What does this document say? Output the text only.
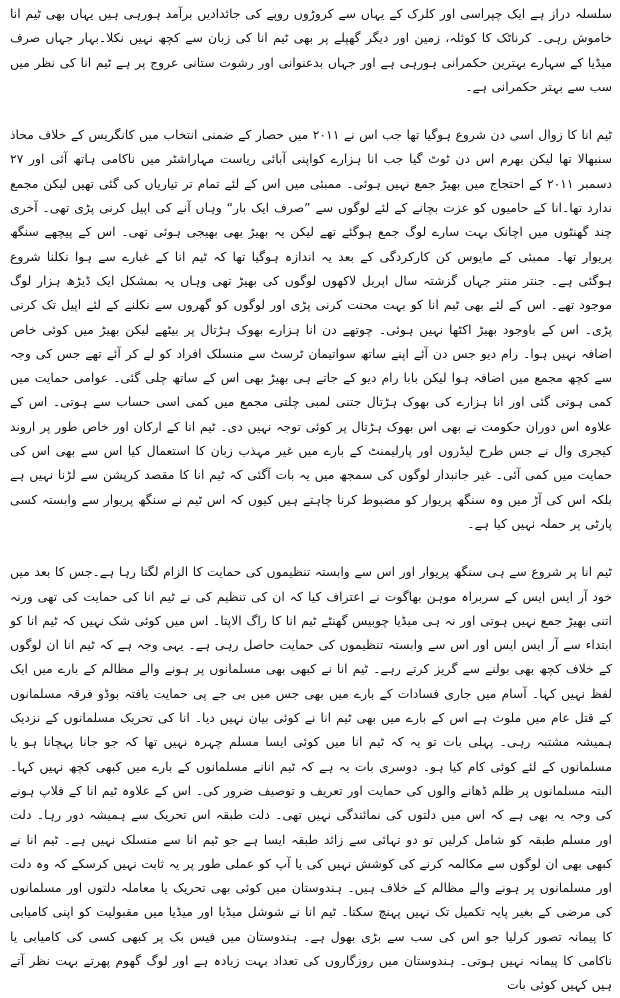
سلسلہ دراز ہے ایک چپراسی اور کلرک کے یہاں سے کروڑوں روپے کی جائدادیں برآمد ہورہی ہیں یہاں بھی ٹیم انا خاموش رہی۔ کرناٹک کا کوئلہ، زمین اور دیگر گھپلے پر بھی ٹیم انا کی زبان سے کچھ نہیں نکلا۔بہار جہاں صرف میڈیا کے سہارے بہترین حکمرانی ہورہی ہے اور جہاں بدعنوانی اور رشوت ستانی عروج پر ہے ٹیم انا کی نظر میں سب سے بہتر حکمرانی ہے۔

ٹیم انا کا زوال اسی دن شروع ہوگیا تھا جب اس نے ۲۰۱۱ میں حصار کے ضمنی انتخاب میں کانگریس کے خلاف محاذ سنبھالا تھا لیکن بھرم اس دن ٹوٹ گیا جب انا ہزارے کواپنی آبائی ریاست مہاراشٹر میں ناکامی ہاتھ آئی اور ۲۷ دسمبر ۲۰۱۱ کے احتجاج میں بھیڑ جمع نہیں ہوئی۔ ممبئی میں اس کے لئے تمام تر تیاریاں کی گئی تھیں لیکن مجمع ندارد تھا۔انا کے حامیوں کو عزت بچانے کے لئے لوگوں سے ”صرف ایک بار“ وہاں آنے کی اپیل کرنی پڑی تھی۔ آخری چند گھنٹوں میں اچانک بہت سارے لوگ جمع ہوگئے تھے لیکن یہ بھیڑ بھی بھیجی ہوئی تھی۔ اس کے پیچھے سنگھ پریوار تھا۔ ممبئی کے مایوس کن کارکردگی کے بعد یہ اندازہ ہوگیا تھا کہ ٹیم انا کے غبارے سے ہوا نکلنا شروع ہوگئی ہے۔ جنتر منتر جہاں گزشتہ سال اپریل لاکھوں لوگوں کی بھیڑ تھی وہاں یہ بمشکل ایک ڈیڑھ ہزار لوگ موجود تھے۔ اس کے لئے بھی ٹیم انا کو بہت محنت کرنی پڑی اور لوگوں کو گھروں سے نکلنے کے لئے اپیل تک کرنی پڑی۔ اس کے باوجود بھیڑ اکٹھا نہیں ہوئی۔ چوتھے دن انا ہزارے بھوک ہڑتال پر بیٹھے لیکن بھیڑ میں کوئی خاص اضافہ نہیں ہوا۔ رام دیو جس دن آئے اپنے ساتھ سواتیمان ٹرسٹ سے منسلک افراد کو لے کر آئے تھے جس کی وجہ سے کچھ مجمع میں اضافہ ہوا لیکن بابا رام دیو کے جاتے ہی بھیڑ بھی اس کے ساتھ چلی گئی۔ عوامی حمایت میں کمی ہوتی گئی اور انا ہزارے کی بھوک ہڑتال جتنی لمبی چلتی مجمع میں کمی اسی حساب سے ہوتی۔ اس کے علاوہ اس دوران حکومت نے بھی اس بھوک ہڑتال پر کوئی توجہ نہیں دی۔ ٹیم انا کے ارکان اور خاص طور پر اروند کیجری وال نے جس طرح لیڈروں اور پارلیمنٹ کے بارے میں غیر مہذب زبان کا استعمال کیا اس سے بھی اس کی حمایت میں کمی آئی۔ غیر جانبدار لوگوں کی سمجھ میں یہ بات آگئی کہ ٹیم انا کا مقصد کرپشن سے لڑنا نہیں ہے بلکہ اس کی آڑ میں وہ سنگھ پریوار کو مضبوط کرنا چاہتے ہیں کیوں کہ اس ٹیم نے سنگھ پریوار سے وابستہ کسی پارٹی پر حملہ نہیں کیا ہے۔

ٹیم انا پر شروع سے ہی سنگھ پریوار اور اس سے وابستہ تنظیموں کی حمایت کا الزام لگتا رہا ہے۔جس کا بعد میں خود آر ایس ایس کے سربراہ موہن بھاگوت نے اعتراف کیا کہ ان کی تنظیم کی نے ٹیم انا کی حمایت کی تھی ورنہ اتنی بھیڑ جمع نہیں ہوتی اور نہ ہی میڈیا چوبیس گھنٹے ٹیم انا کا راگ الاپتا۔ اس میں کوئی شک نہیں کہ ٹیم انا کو ابتداء سے آر ایس ایس اور اس سے وابستہ تنظیموں کی حمایت حاصل رہی ہے۔ یہی وجہ ہے کہ ٹیم انا ان لوگوں کے خلاف کچھ بھی بولنے سے گریز کرتے رہے۔ ٹیم انا نے کبھی بھی مسلمانوں پر ہونے والے مظالم کے بارے میں ایک لفظ نہیں کہا۔ آسام میں جاری فسادات کے بارے میں بھی جس میں بی جے پی حمایت یافتہ بوڈو فرقہ مسلمانوں کے قتل عام میں ملوث ہے اس کے بارے میں بھی ٹیم انا نے کوئی بیان نہیں دیا۔ انا کی تحریک مسلمانوں کے نزدیک ہمیشہ مشتبہ رہی۔ پہلی بات تو یہ کہ ٹیم انا میں کوئی ایسا مسلم چہرہ نہیں تھا کہ جو جانا پہچانا ہو یا مسلمانوں کے لئے کوئی کام کیا ہو۔ دوسری بات یہ ہے کہ ٹیم انانے مسلمانوں کے بارے میں کبھی کچھ نہیں کہا۔ البتہ مسلمانوں پر ظلم ڈھانے والوں کی حمایت اور تعریف و توصیف ضرور کی۔ اس کے علاوہ ٹیم انا کے فلاپ ہونے کی وجہ یہ بھی ہے کہ اس میں دلتوں کی نمائندگی نہیں تھی۔ دلت طبقہ اس تحریک سے ہمیشہ دور رہا۔ دلت اور مسلم طبقہ کو شامل کرلیں تو دو تہائی سے زائد طبقہ ایسا ہے جو ٹیم انا سے منسلک نہیں ہے۔ ٹیم انا نے کبھی بھی ان لوگوں سے مکالمہ کرنے کی کوشش نہیں کی یا آپ کو عملی طور پر یہ ثابت نہیں کرسکے کہ وہ دلت اور مسلمانوں پر ہونے والے مظالم کے خلاف ہیں۔ ہندوستان میں کوئی بھی تحریک یا معاملہ دلتوں اور مسلمانوں کی مرضی کے بغیر پایہ تکمیل تک نہیں پہنچ سکتا۔ ٹیم انا نے شوشل میڈیا اور میڈیا میں مقبولیت کو اپنی کامیابی کا پیمانہ تصور کرلیا جو اس کی سب سے بڑی بھول ہے۔ ہندوستان میں فیس بک پر کبھی کسی کی کامیابی یا ناکامی کا پیمانہ نہیں ہوتی۔ ہندوستان میں روزگاروں کی تعداد بہت زیادہ ہے اور لوگ گھوم پھرتے بہت نظر آتے ہیں کہیں کوئی بات
